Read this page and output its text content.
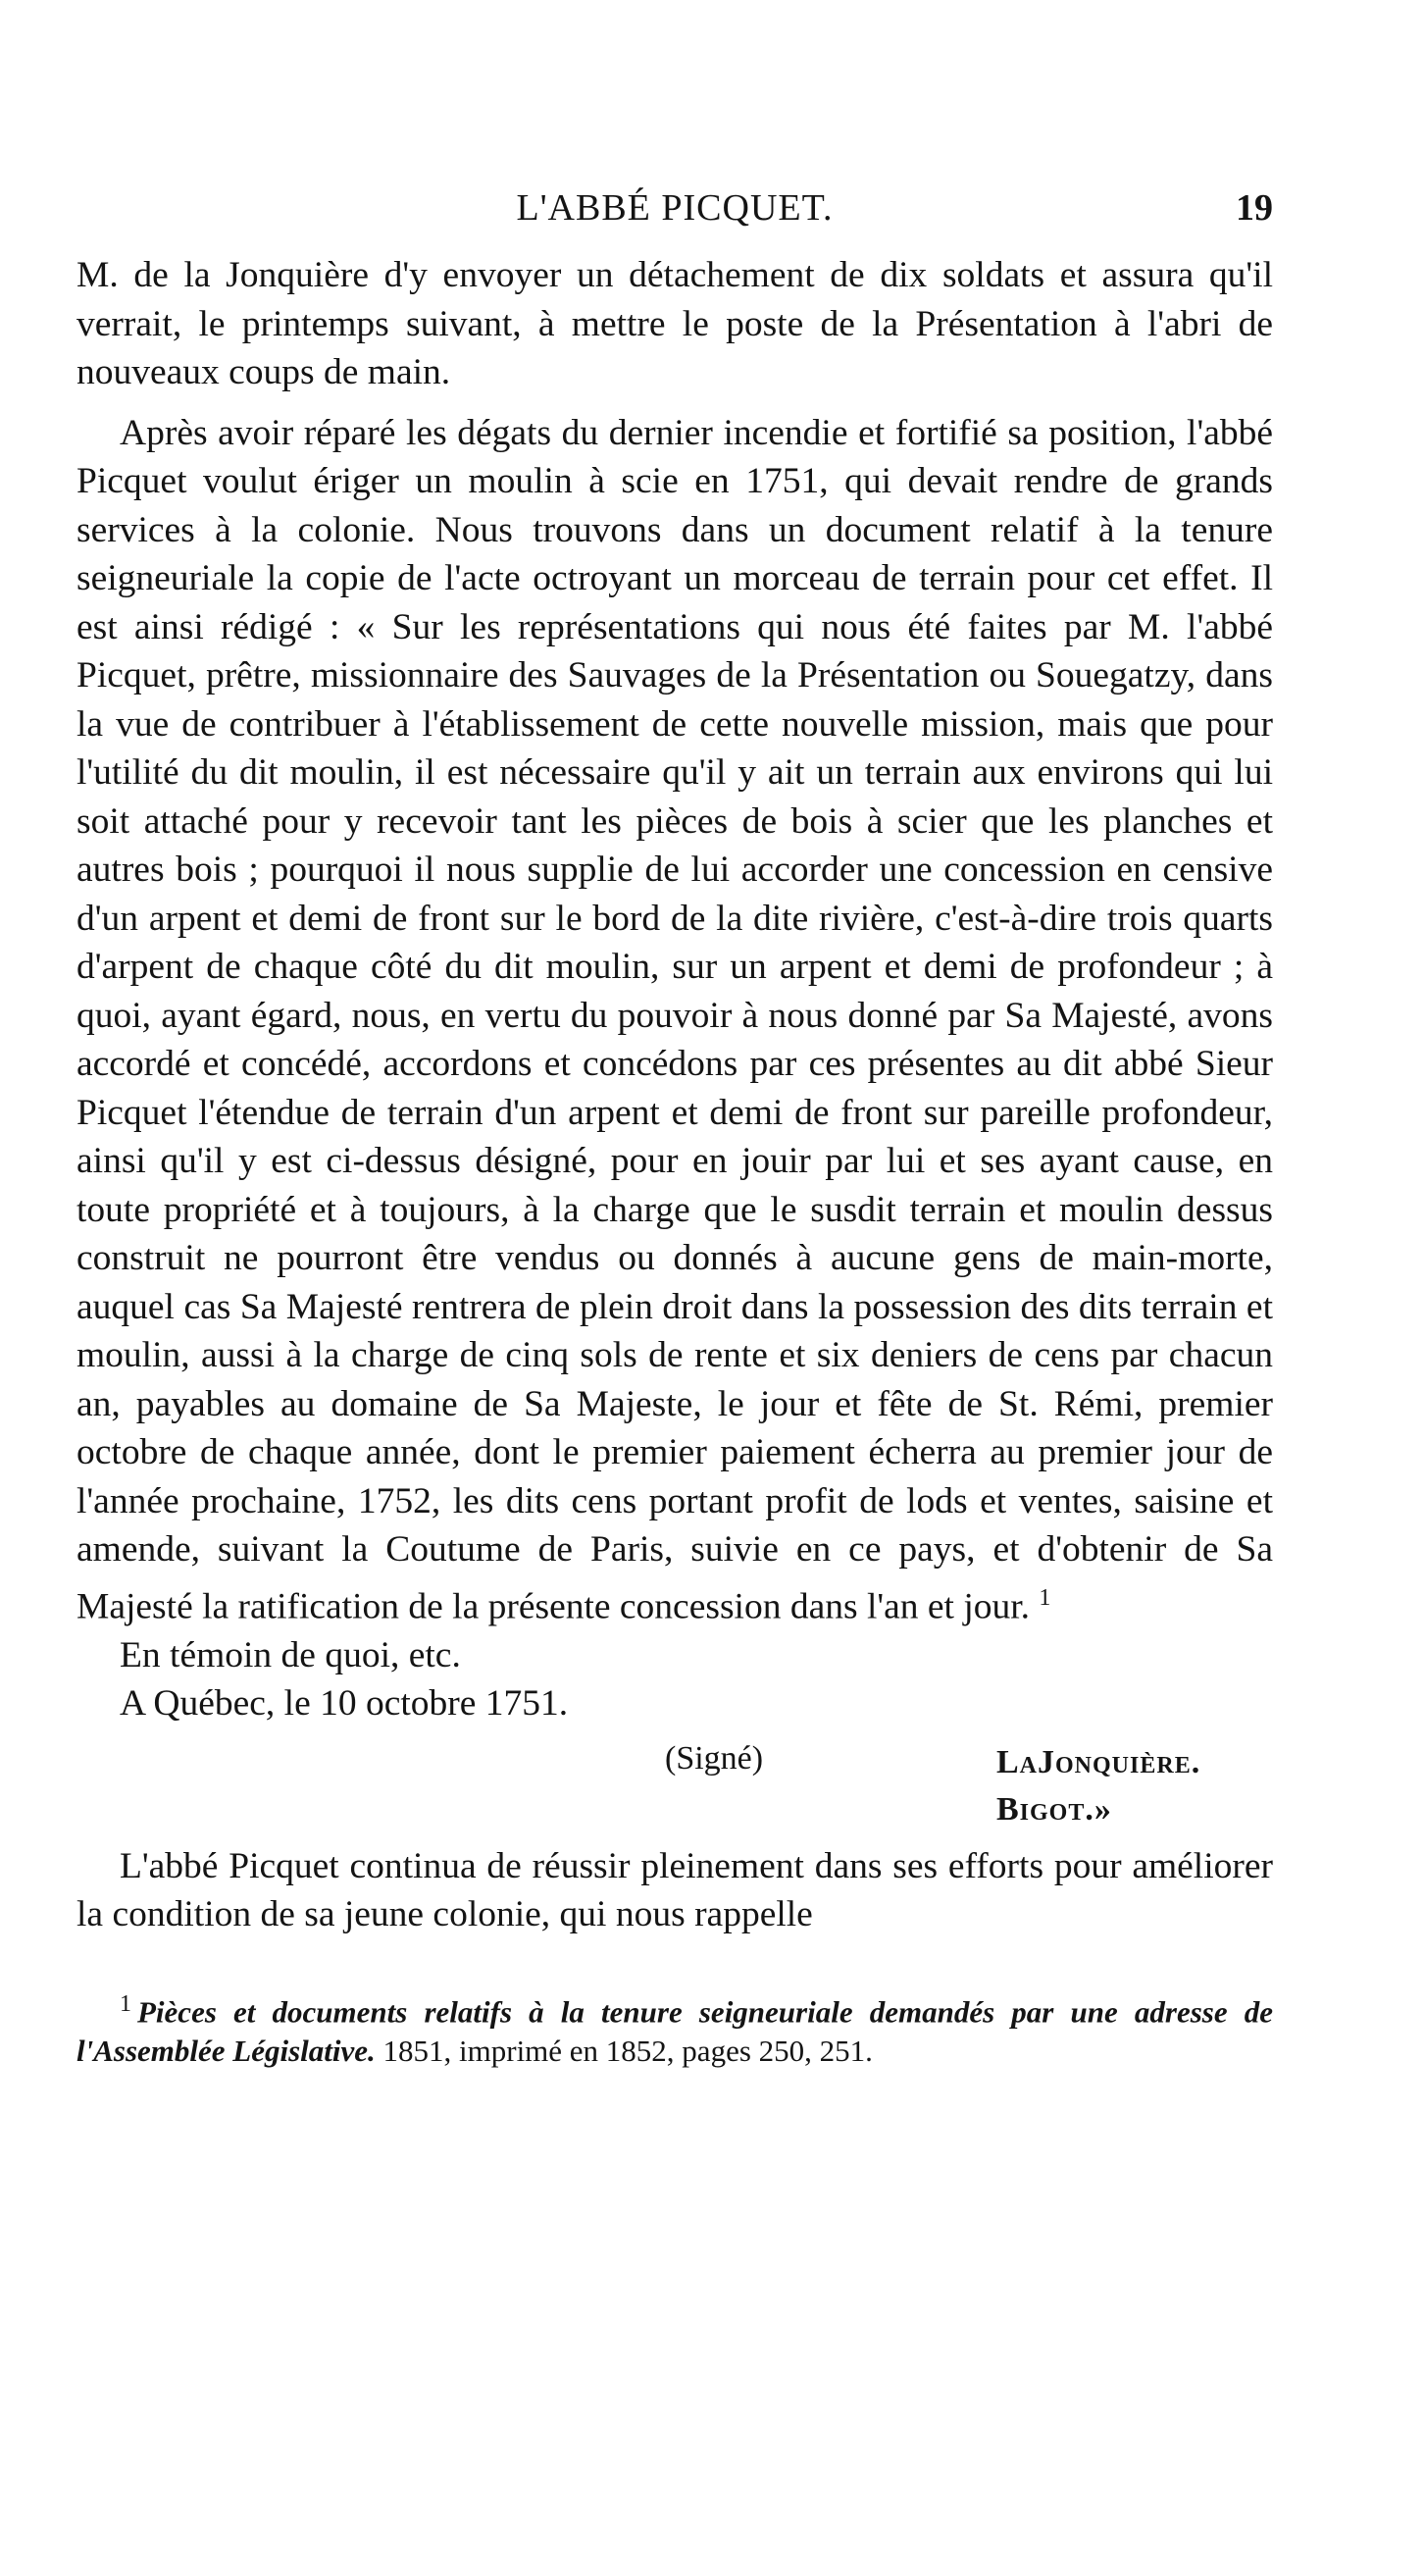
L'ABBÉ PICQUET.	19

M. de la Jonquière d'y envoyer un détachement de dix soldats et assura qu'il verrait, le printemps suivant, à mettre le poste de la Présentation à l'abri de nouveaux coups de main.

Après avoir réparé les dégats du dernier incendie et fortifié sa position, l'abbé Picquet voulut ériger un moulin à scie en 1751, qui devait rendre de grands services à la colonie. Nous trouvons dans un document relatif à la tenure seigneuriale la copie de l'acte octroyant un morceau de terrain pour cet effet. Il est ainsi rédigé : « Sur les représentations qui nous été faites par M. l'abbé Picquet, prêtre, missionnaire des Sauvages de la Présentation ou Souegatzy, dans la vue de contribuer à l'établissement de cette nouvelle mission, mais que pour l'utilité du dit moulin, il est nécessaire qu'il y ait un terrain aux environs qui lui soit attaché pour y recevoir tant les pièces de bois à scier que les planches et autres bois ; pourquoi il nous supplie de lui accorder une concession en censive d'un arpent et demi de front sur le bord de la dite rivière, c'est-à-dire trois quarts d'arpent de chaque côté du dit moulin, sur un arpent et demi de profondeur ; à quoi, ayant égard, nous, en vertu du pouvoir à nous donné par Sa Majesté, avons accordé et concédé, accordons et concédons par ces présentes au dit abbé Sieur Picquet l'étendue de terrain d'un arpent et demi de front sur pareille profondeur, ainsi qu'il y est ci-dessus désigné, pour en jouir par lui et ses ayant cause, en toute propriété et à toujours, à la charge que le susdit terrain et moulin dessus construit ne pourront être vendus ou donnés à aucune gens de main-morte, auquel cas Sa Majesté rentrera de plein droit dans la possession des dits terrain et moulin, aussi à la charge de cinq sols de rente et six deniers de cens par chacun an, payables au domaine de Sa Majeste, le jour et fête de St. Rémi, premier octobre de chaque année, dont le premier paiement écherra au premier jour de l'année prochaine, 1752, les dits cens portant profit de lods et ventes, saisine et amende, suivant la Coutume de Paris, suivie en ce pays, et d'obtenir de Sa Majesté la ratification de la présente concession dans l'an et jour. $^1$

En témoin de quoi, etc.

A Québec, le 10 octobre 1751.

(Signé)	LaJonquière.
Bigot.»

L'abbé Picquet continua de réussir pleinement dans ses efforts pour améliorer la condition de sa jeune colonie, qui nous rappelle

$^1$ Pièces et documents relatifs à la tenure seigneuriale demandés par une adresse de l'Assemblée Législative. 1851, imprimé en 1852, pages 250, 251.
